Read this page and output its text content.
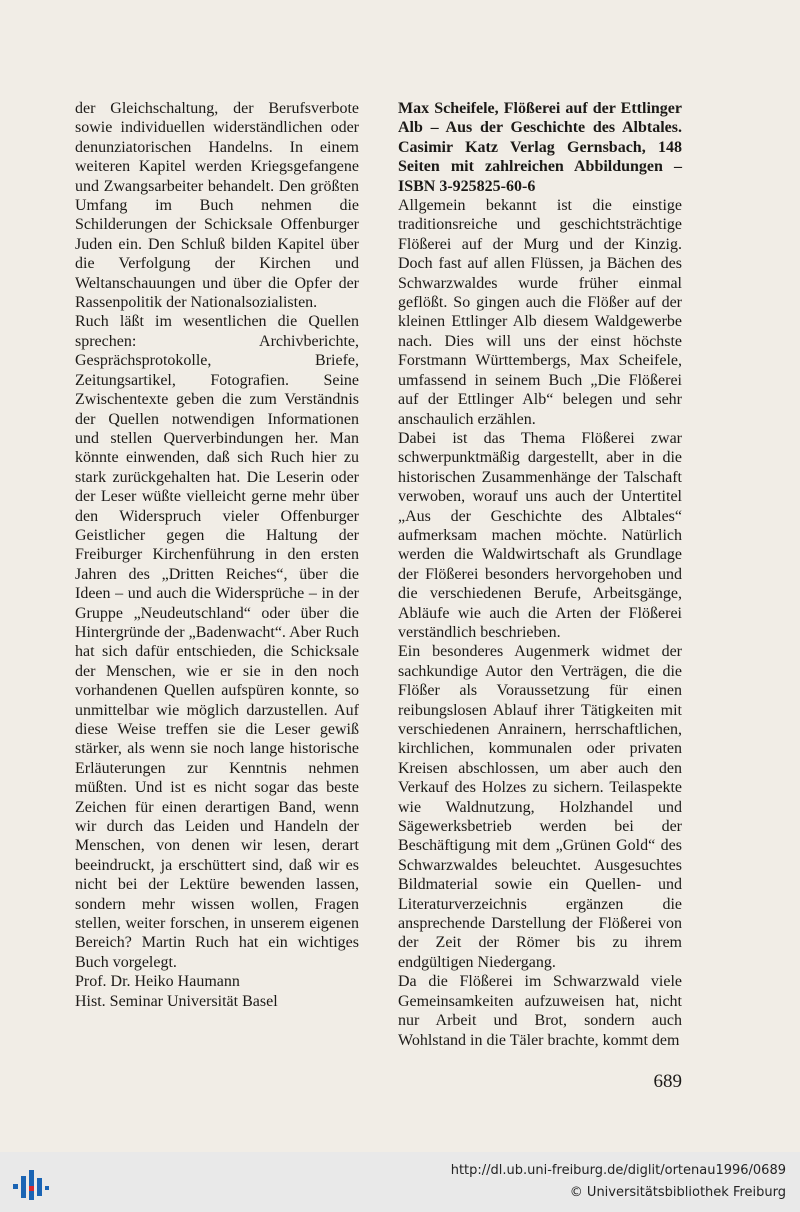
der Gleichschaltung, der Berufsverbote sowie individuellen widerständlichen oder denunziatorischen Handelns. In einem weiteren Kapitel werden Kriegsgefangene und Zwangsarbeiter behandelt. Den größten Umfang im Buch nehmen die Schilderungen der Schicksale Offenburger Juden ein. Den Schluß bilden Kapitel über die Verfolgung der Kirchen und Weltanschauungen und über die Opfer der Rassenpolitik der Nationalsozialisten.

Ruch läßt im wesentlichen die Quellen sprechen: Archivberichte, Gesprächsprotokolle, Briefe, Zeitungsartikel, Fotografien. Seine Zwischentexte geben die zum Verständnis der Quellen notwendigen Informationen und stellen Querverbindungen her. Man könnte einwenden, daß sich Ruch hier zu stark zurückgehalten hat. Die Leserin oder der Leser wüßte vielleicht gerne mehr über den Widerspruch vieler Offenburger Geistlicher gegen die Haltung der Freiburger Kirchenführung in den ersten Jahren des „Dritten Reiches“, über die Ideen – und auch die Widersprüche – in der Gruppe „Neudeutschland“ oder über die Hintergründe der „Badenwacht“. Aber Ruch hat sich dafür entschieden, die Schicksale der Menschen, wie er sie in den noch vorhandenen Quellen aufspüren konnte, so unmittelbar wie möglich darzustellen. Auf diese Weise treffen sie die Leser gewiß stärker, als wenn sie noch lange historische Erläuterungen zur Kenntnis nehmen müßten. Und ist es nicht sogar das beste Zeichen für einen derartigen Band, wenn wir durch das Leiden und Handeln der Menschen, von denen wir lesen, derart beeindruckt, ja erschüttert sind, daß wir es nicht bei der Lektüre bewenden lassen, sondern mehr wissen wollen, Fragen stellen, weiter forschen, in unserem eigenen Bereich? Martin Ruch hat ein wichtiges Buch vorgelegt.

Prof. Dr. Heiko Haumann

Hist. Seminar Universität Basel

Max Scheifele, Flößerei auf der Ettlinger Alb – Aus der Geschichte des Albtales. Casimir Katz Verlag Gernsbach, 148 Seiten mit zahlreichen Abbildungen – ISBN 3-925825-60-6

Allgemein bekannt ist die einstige traditionsreiche und geschichtsträchtige Flößerei auf der Murg und der Kinzig. Doch fast auf allen Flüssen, ja Bächen des Schwarzwaldes wurde früher einmal geflößt. So gingen auch die Flößer auf der kleinen Ettlinger Alb diesem Waldgewerbe nach. Dies will uns der einst höchste Forstmann Württembergs, Max Scheifele, umfassend in seinem Buch „Die Flößerei auf der Ettlinger Alb“ belegen und sehr anschaulich erzählen.

Dabei ist das Thema Flößerei zwar schwerpunktmäßig dargestellt, aber in die historischen Zusammenhänge der Talschaft verwoben, worauf uns auch der Untertitel „Aus der Geschichte des Albtales“ aufmerksam machen möchte. Natürlich werden die Waldwirtschaft als Grundlage der Flößerei besonders hervorgehoben und die verschiedenen Berufe, Arbeitsgänge, Abläufe wie auch die Arten der Flößerei verständlich beschrieben.

Ein besonderes Augenmerk widmet der sachkundige Autor den Verträgen, die die Flößer als Voraussetzung für einen reibungslosen Ablauf ihrer Tätigkeiten mit verschiedenen Anrainern, herrschaftlichen, kirchlichen, kommunalen oder privaten Kreisen abschlossen, um aber auch den Verkauf des Holzes zu sichern. Teilaspekte wie Waldnutzung, Holzhandel und Sägewerksbetrieb werden bei der Beschäftigung mit dem „Grünen Gold“ des Schwarzwaldes beleuchtet. Ausgesuchtes Bildmaterial sowie ein Quellen- und Literaturverzeichnis ergänzen die ansprechende Darstellung der Flößerei von der Zeit der Römer bis zu ihrem endgültigen Niedergang.

Da die Flößerei im Schwarzwald viele Gemeinsamkeiten aufzuweisen hat, nicht nur Arbeit und Brot, sondern auch Wohlstand in die Täler brachte, kommt dem

689
http://dl.ub.uni-freiburg.de/diglit/ortenau1996/0689
© Universitätsbibliothek Freiburg
